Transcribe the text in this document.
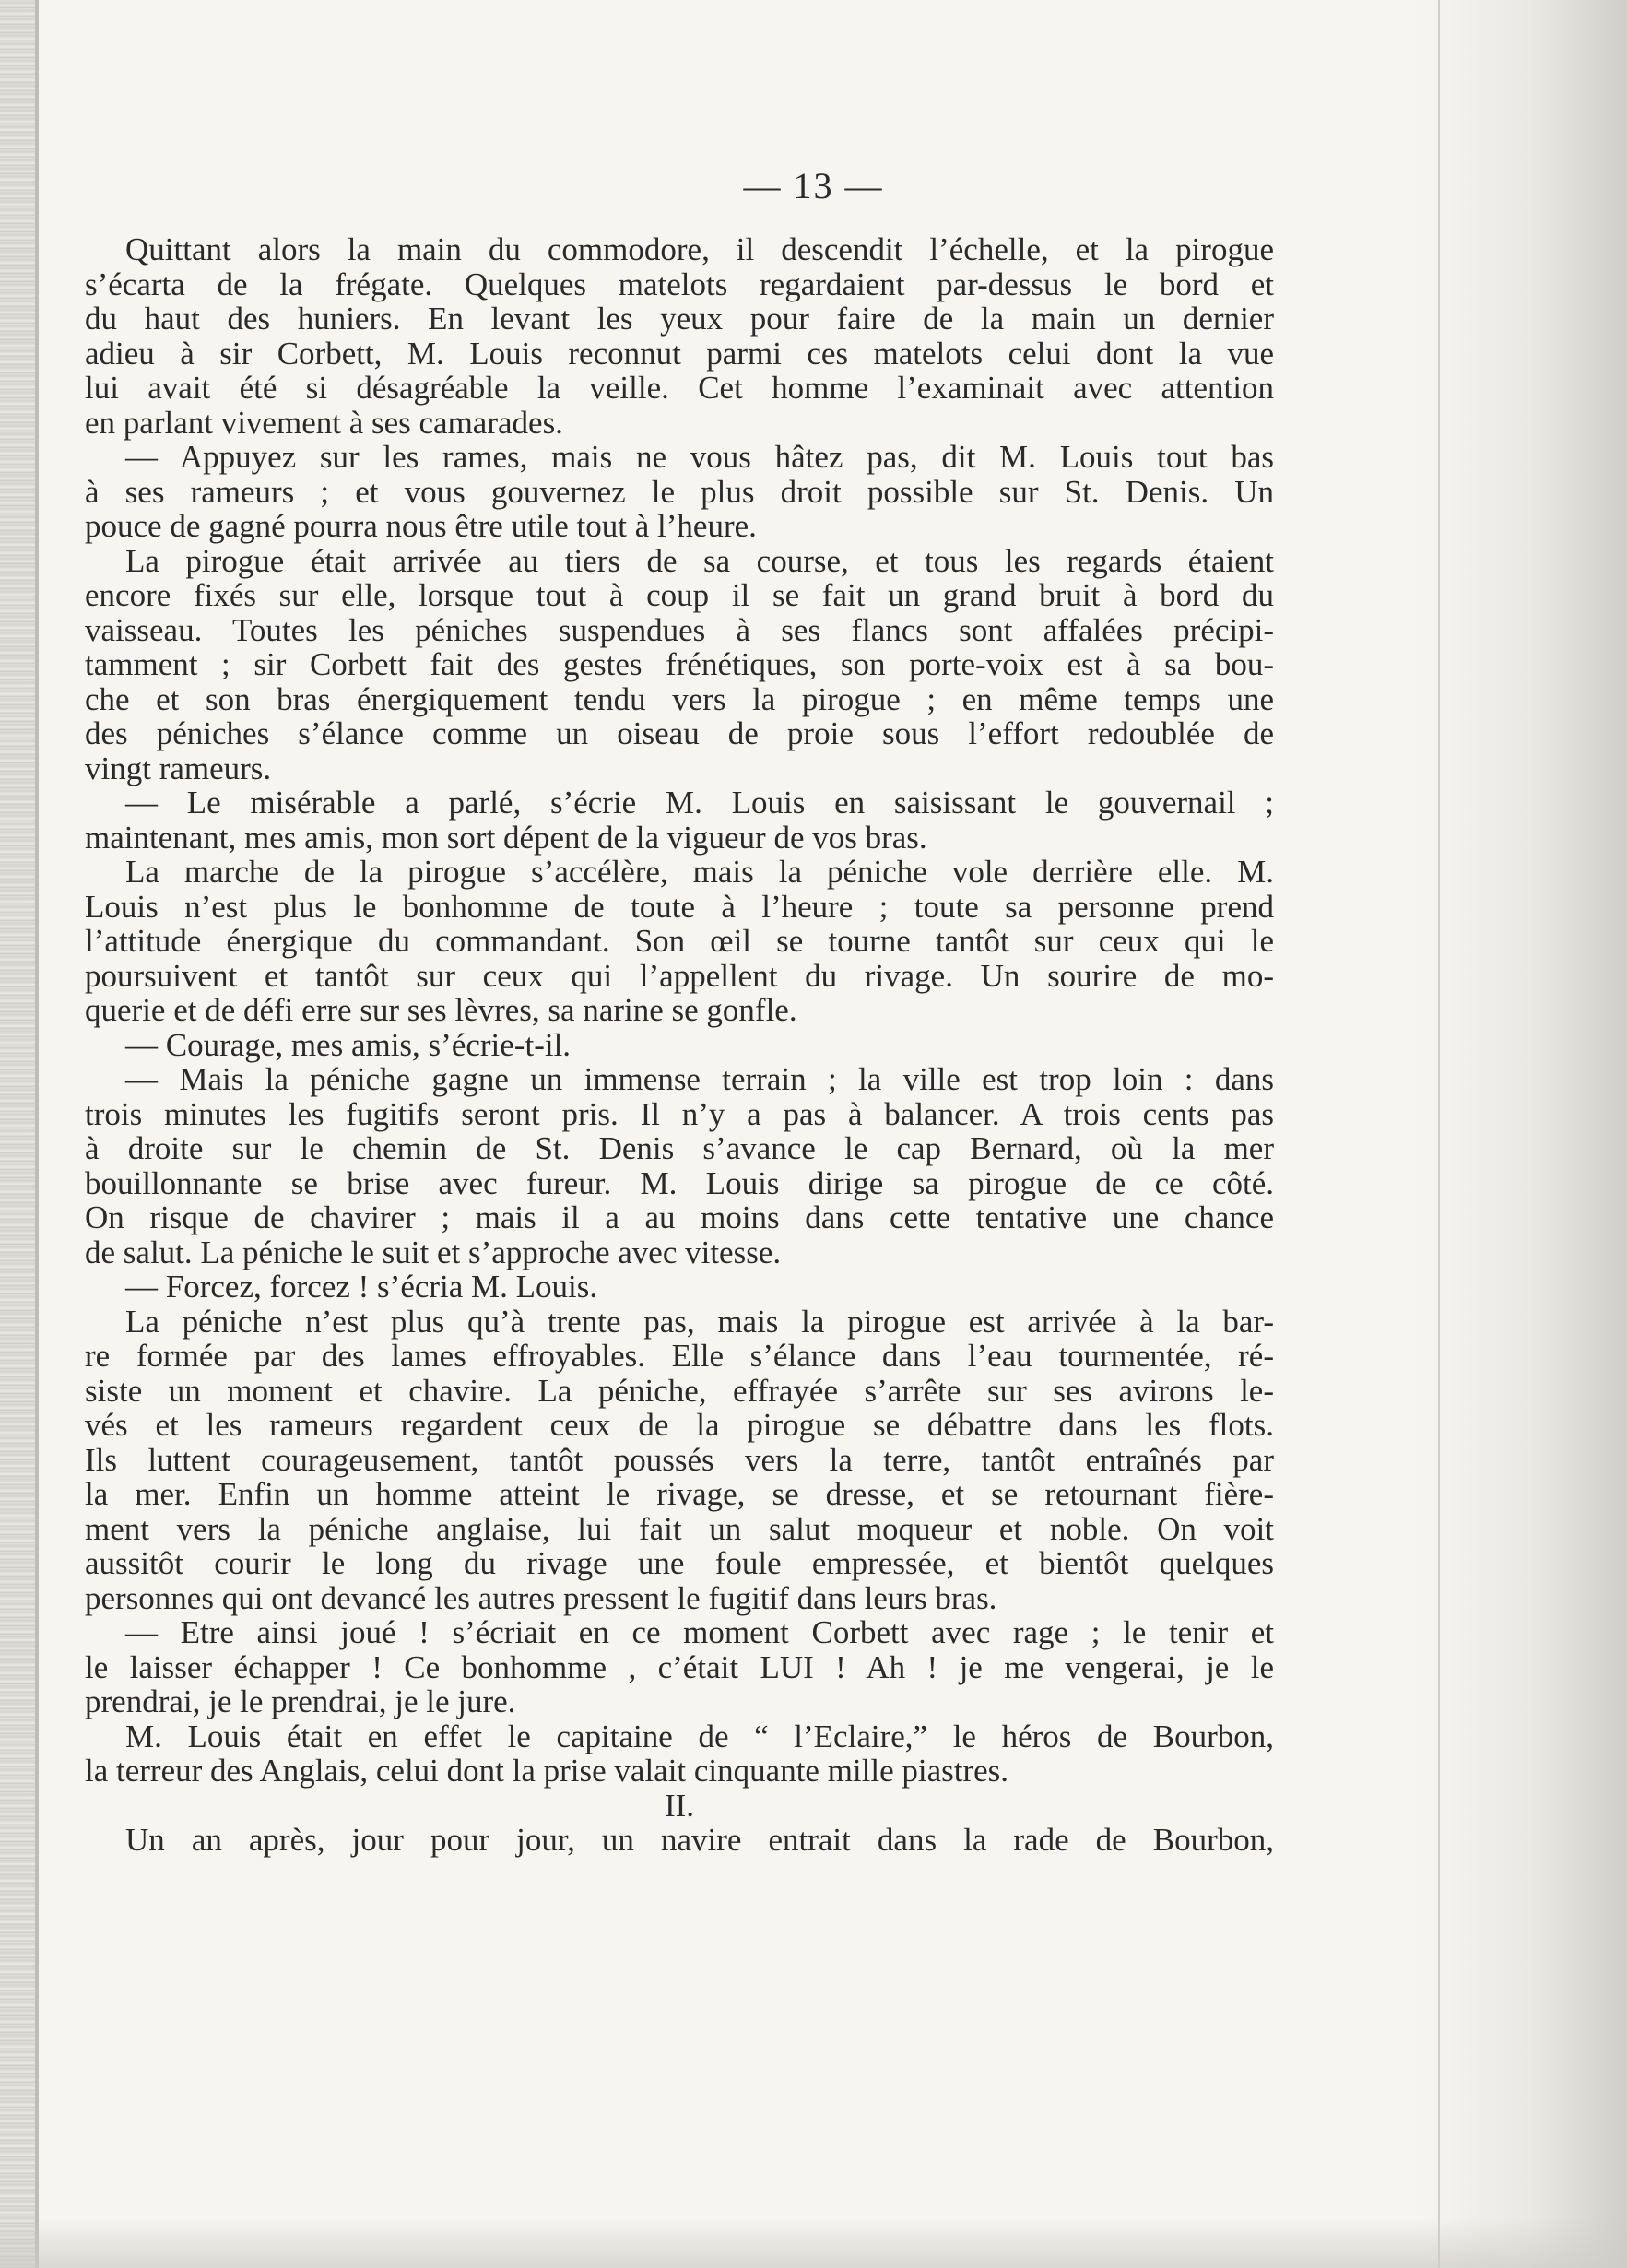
— 13 —
Quittant alors la main du commodore, il descendit l’échelle, et la pirogue
s’écarta de la frégate. Quelques matelots regardaient par-dessus le bord et
du haut des huniers. En levant les yeux pour faire de la main un dernier
adieu à sir Corbett, M. Louis reconnut parmi ces matelots celui dont la vue
lui avait été si désagréable la veille. Cet homme l’examinait avec attention
en parlant vivement à ses camarades.
— Appuyez sur les rames, mais ne vous hâtez pas, dit M. Louis tout bas
à ses rameurs ; et vous gouvernez le plus droit possible sur St. Denis. Un
pouce de gagné pourra nous être utile tout à l’heure.
La pirogue était arrivée au tiers de sa course, et tous les regards étaient
encore fixés sur elle, lorsque tout à coup il se fait un grand bruit à bord du
vaisseau. Toutes les péniches suspendues à ses flancs sont affalées précipi-
tamment ; sir Corbett fait des gestes frénétiques, son porte-voix est à sa bou-
che et son bras énergiquement tendu vers la pirogue ; en même temps une
des péniches s’élance comme un oiseau de proie sous l’effort redoublée de
vingt rameurs.
— Le misérable a parlé, s’écrie M. Louis en saisissant le gouvernail ;
maintenant, mes amis, mon sort dépent de la vigueur de vos bras.
La marche de la pirogue s’accélère, mais la péniche vole derrière elle. M.
Louis n’est plus le bonhomme de toute à l’heure ; toute sa personne prend
l’attitude énergique du commandant. Son œil se tourne tantôt sur ceux qui le
poursuivent et tantôt sur ceux qui l’appellent du rivage. Un sourire de mo-
querie et de défi erre sur ses lèvres, sa narine se gonfle.
— Courage, mes amis, s’écrie-t-il.
— Mais la péniche gagne un immense terrain ; la ville est trop loin : dans
trois minutes les fugitifs seront pris. Il n’y a pas à balancer. A trois cents pas
à droite sur le chemin de St. Denis s’avance le cap Bernard, où la mer
bouillonnante se brise avec fureur. M. Louis dirige sa pirogue de ce côté.
On risque de chavirer ; mais il a au moins dans cette tentative une chance
de salut. La péniche le suit et s’approche avec vitesse.
— Forcez, forcez ! s’écria M. Louis.
La péniche n’est plus qu’à trente pas, mais la pirogue est arrivée à la bar-
re formée par des lames effroyables. Elle s’élance dans l’eau tourmentée, ré-
siste un moment et chavire. La péniche, effrayée s’arrête sur ses avirons le-
vés et les rameurs regardent ceux de la pirogue se débattre dans les flots.
Ils luttent courageusement, tantôt poussés vers la terre, tantôt entraînés par
la mer. Enfin un homme atteint le rivage, se dresse, et se retournant fière-
ment vers la péniche anglaise, lui fait un salut moqueur et noble. On voit
aussitôt courir le long du rivage une foule empressée, et bientôt quelques
personnes qui ont devancé les autres pressent le fugitif dans leurs bras.
— Etre ainsi joué ! s’écriait en ce moment Corbett avec rage ; le tenir et
le laisser échapper ! Ce bonhomme , c’était LUI ! Ah ! je me vengerai, je le
prendrai, je le prendrai, je le jure.
M. Louis était en effet le capitaine de “ l’Eclaire,” le héros de Bourbon,
la terreur des Anglais, celui dont la prise valait cinquante mille piastres.
II.
Un an après, jour pour jour, un navire entrait dans la rade de Bourbon,
